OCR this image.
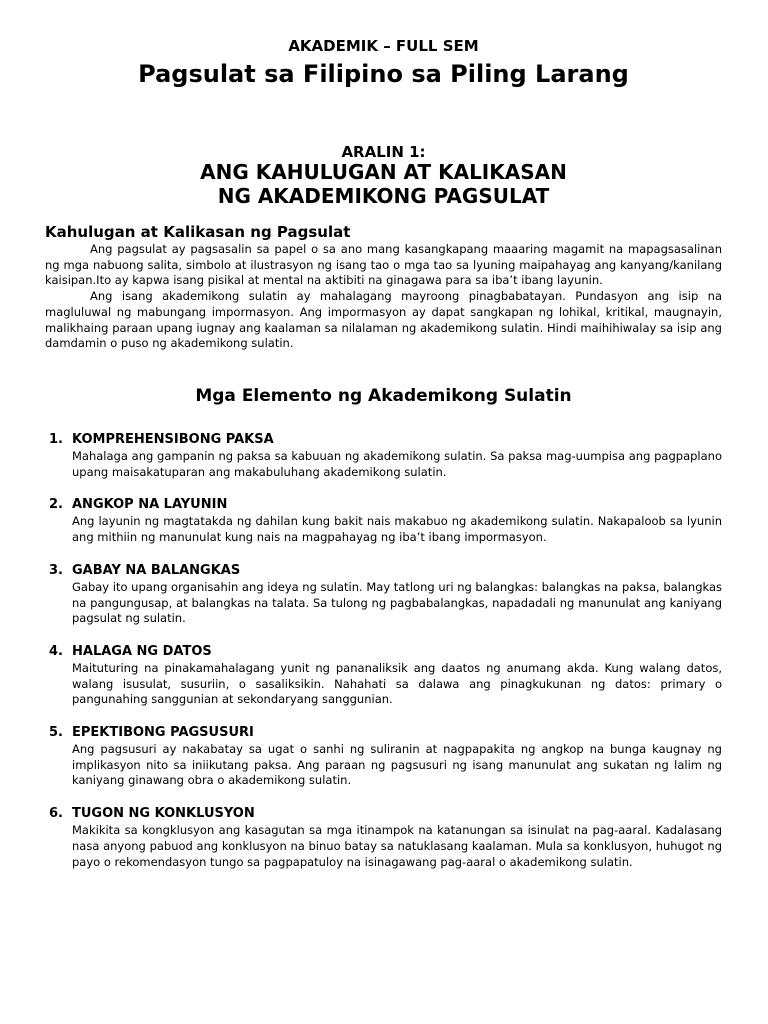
AKADEMIK – FULL SEM
Pagsulat sa Filipino sa Piling Larang
ARALIN 1:
ANG KAHULUGAN AT KALIKASAN
NG AKADEMIKONG PAGSULAT
Kahulugan at Kalikasan ng Pagsulat

Ang pagsulat ay pagsasalin sa papel o sa ano mang kasangkapang maaaring magamit na mapagsasalinan ng mga nabuong salita, simbolo at ilustrasyon ng isang tao o mga tao sa lyuning maipahayag ang kanyang/kanilang kaisipan.Ito ay kapwa isang pisikal at mental na aktibiti na ginagawa para sa iba’t ibang layunin.

Ang isang akademikong sulatin ay mahalagang mayroong pinagbabatayan. Pundasyon ang isip na magluluwal ng mabungang impormasyon. Ang impormasyon ay dapat sangkapan ng lohikal, kritikal, maugnayin, malikhaing paraan upang iugnay ang kaalaman sa nilalaman ng akademikong sulatin. Hindi maihihiwalay sa isip ang damdamin o puso ng akademikong sulatin.

Mga Elemento ng Akademikong Sulatin
1. KOMPREHENSIBONG PAKSA

Mahalaga ang gampanin ng paksa sa kabuuan ng akademikong sulatin. Sa paksa mag-uumpisa ang pagpaplano upang maisakatuparan ang makabuluhang akademikong sulatin.

2. ANGKOP NA LAYUNIN

Ang layunin ng magtatakda ng dahilan kung bakit nais makabuo ng akademikong sulatin. Nakapaloob sa lyunin ang mithiin ng manunulat kung nais na magpahayag ng iba’t ibang impormasyon.

3. GABAY NA BALANGKAS

Gabay ito upang organisahin ang ideya ng sulatin. May tatlong uri ng balangkas: balangkas na paksa, balangkas na pangungusap, at balangkas na talata. Sa tulong ng pagbabalangkas, napadadali ng manunulat ang kaniyang pagsulat ng sulatin.

4. HALAGA NG DATOS

Maituturing na pinakamahalagang yunit ng pananaliksik ang daatos ng anumang akda. Kung walang datos, walang isusulat, susuriin, o sasaliksikin. Nahahati sa dalawa ang pinagkukunan ng datos: primary o pangunahing sanggunian at sekondaryang sanggunian.

5. EPEKTIBONG PAGSUSURI

Ang pagsusuri ay nakabatay sa ugat o sanhi ng suliranin at nagpapakita ng angkop na bunga kaugnay ng implikasyon nito sa iniikutang paksa. Ang paraan ng pagsusuri ng isang manunulat ang sukatan ng lalim ng kaniyang ginawang obra o akademikong sulatin.

6. TUGON NG KONKLUSYON

Makikita sa kongklusyon ang kasagutan sa mga itinampok na katanungan sa isinulat na pag-aaral. Kadalasang nasa anyong pabuod ang konklusyon na binuo batay sa natuklasang kaalaman. Mula sa konklusyon, huhugot ng payo o rekomendasyon tungo sa pagpapatuloy na isinagawang pag-aaral o akademikong sulatin.
